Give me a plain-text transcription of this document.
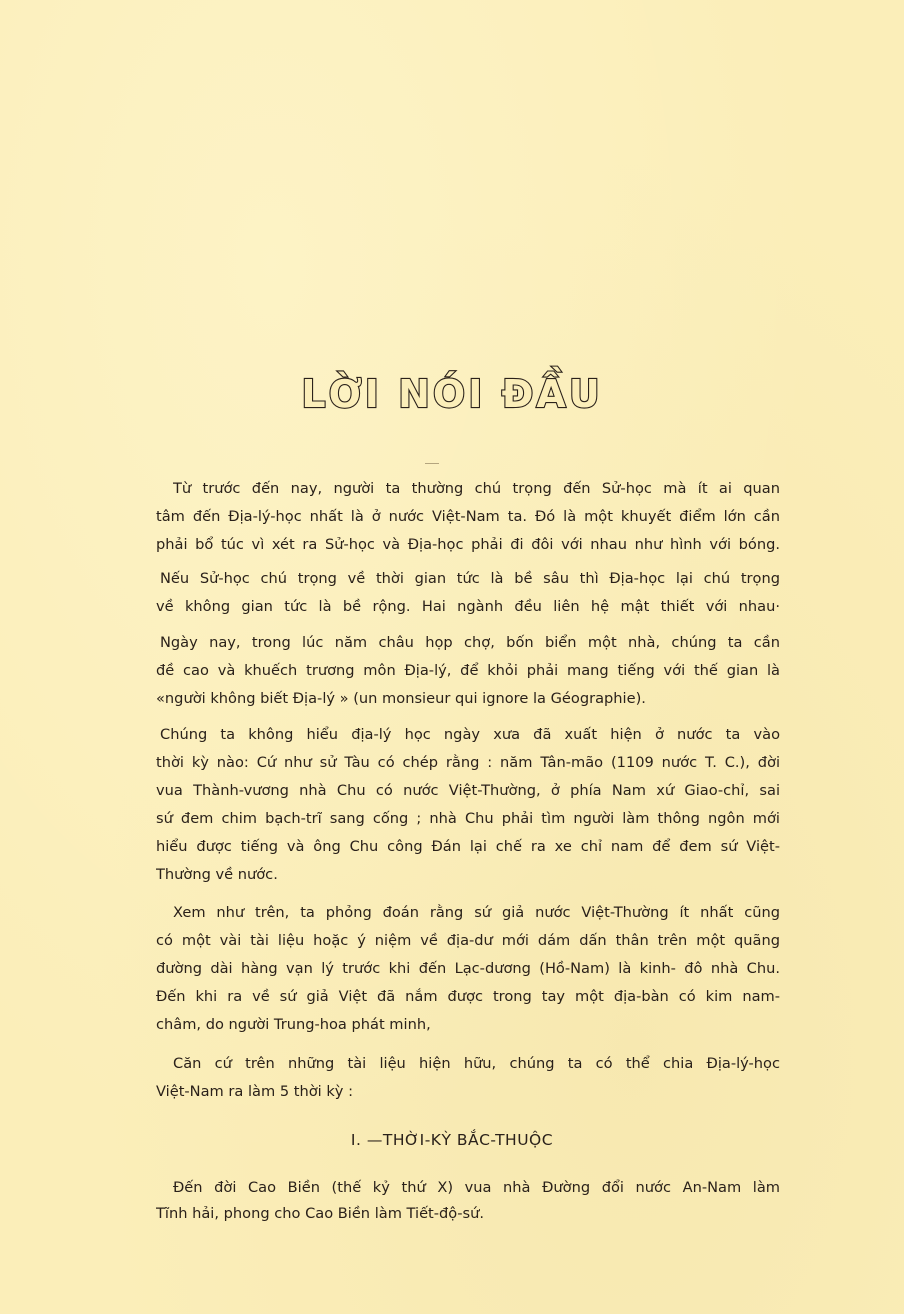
LỜI NÓI ĐẦU
Từ trước đến nay, người ta thường chú trọng đến Sử-học mà ít ai quan
tâm đến Địa-lý-học nhất là ở nước Việt-Nam ta. Đó là một khuyết điểm lớn cần
phải bổ túc vì xét ra Sử-học và Địa-học phải đi đôi với nhau như hình với bóng.
Nếu Sử-học chú trọng về thời gian tức là bề sâu thì Địa-học lại chú trọng
về không gian tức là bề rộng. Hai ngành đều liên hệ mật thiết với nhau·
Ngày nay, trong lúc năm châu họp chợ, bốn biển một nhà, chúng ta cần
đề cao và khuếch trương môn Địa-lý, để khỏi phải mang tiếng với thế gian là
«người không biết Địa-lý » (un monsieur qui ignore la Géographie).
Chúng ta không hiểu địa-lý học ngày xưa đã xuất hiện ở nước ta vào
thời kỳ nào: Cứ như sử Tàu có chép rằng : năm Tân-mão (1109 nước T. C.), đời
vua Thành-vương nhà Chu có nước Việt-Thường, ở phía Nam xứ Giao-chỉ, sai
sứ đem chim bạch-trĩ sang cống ; nhà Chu phải tìm người làm thông ngôn mới
hiểu được tiếng và ông Chu công Đán lại chế ra xe chỉ nam để đem sứ Việt-
Thường về nước.
Xem như trên, ta phỏng đoán rằng sứ giả nước Việt-Thường ít nhất cũng
có một vài tài liệu hoặc ý niệm về địa-dư mới dám dấn thân trên một quãng
đường dài hàng vạn lý trước khi đến Lạc-dương (Hồ-Nam) là kinh- đô nhà Chu.
Đến khi ra về sứ giả Việt đã nắm được trong tay một địa-bàn có kim nam-
châm, do người Trung-hoa phát minh,
Căn cứ trên những tài liệu hiện hữu, chúng ta có thể chia Địa-lý-học
Việt-Nam ra làm 5 thời kỳ :
I. —THỜI-KỲ BẮC-THUỘC
Đến đời Cao Biền (thế kỷ thứ X) vua nhà Đường đổi nước An-Nam làm
Tĩnh hải, phong cho Cao Biền làm Tiết-độ-sứ.
